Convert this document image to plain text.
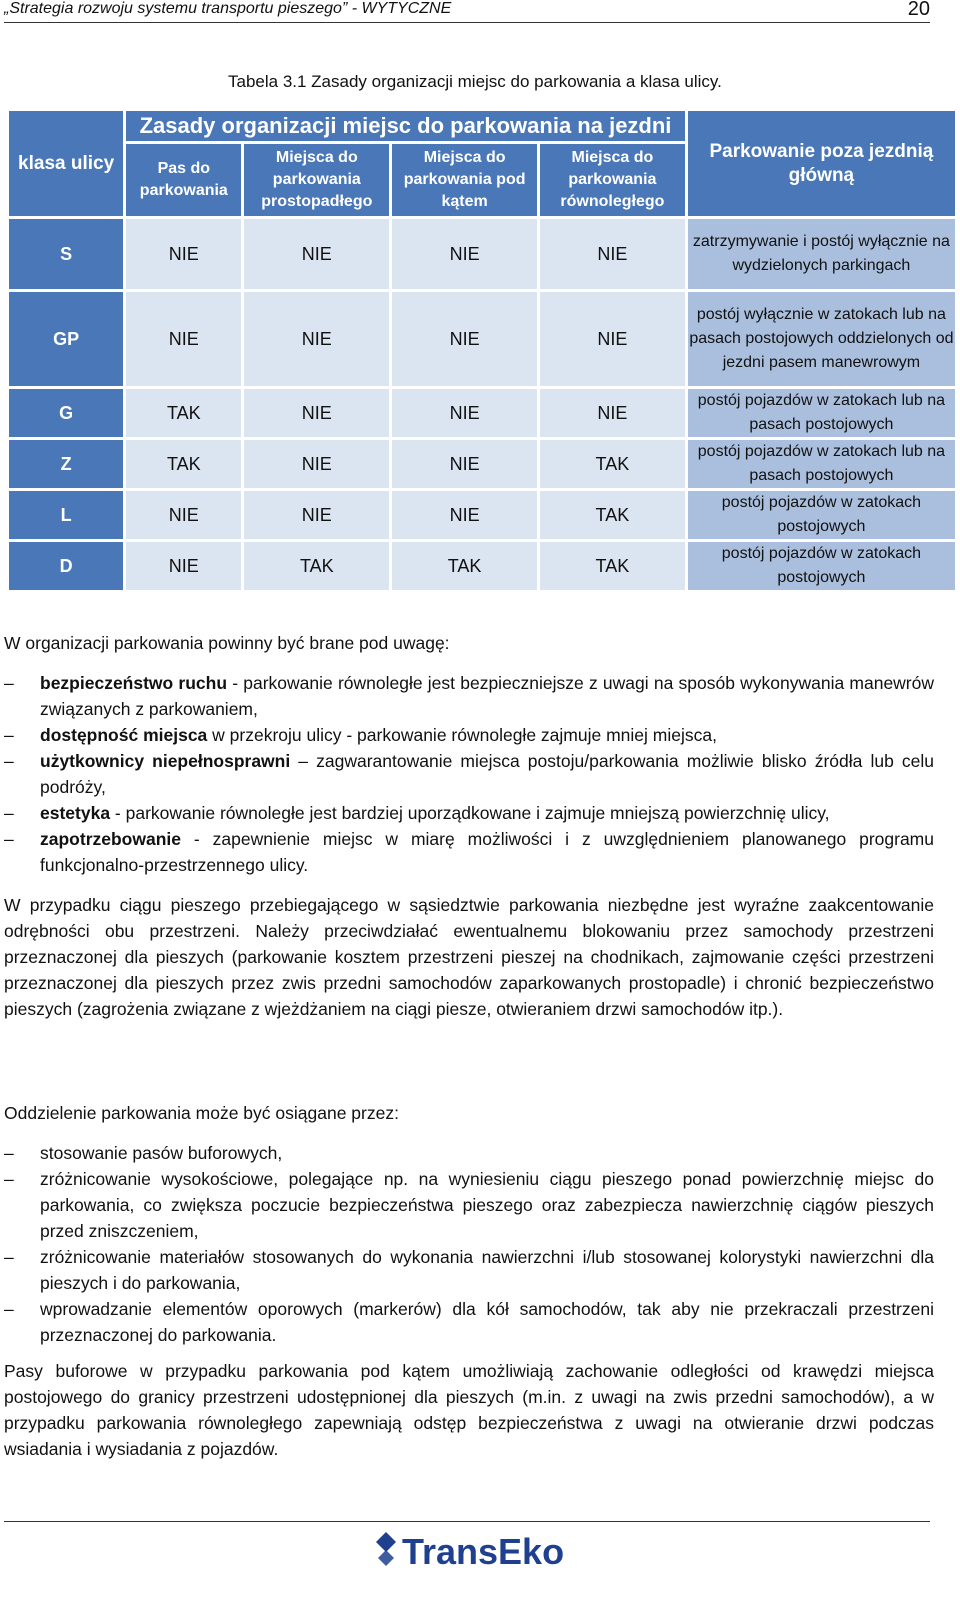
„Strategia rozwoju systemu transportu pieszego” - WYTYCZNE	20
Tabela 3.1 Zasady organizacji miejsc do parkowania a klasa ulicy.
klasa ulicy	Zasady organizacji miejsc do parkowania na jezdni				Parkowanie poza jezdnią główną
	Pas do parkowania	Miejsca do parkowania prostopadłego	Miejsca do parkowania pod kątem	Miejsca do parkowania równoległego	
S	NIE	NIE	NIE	NIE	zatrzymywanie i postój wyłącznie na wydzielonych parkingach
GP	NIE	NIE	NIE	NIE	postój wyłącznie w zatokach lub na pasach postojowych oddzielonych od jezdni pasem manewrowym
G	TAK	NIE	NIE	NIE	postój pojazdów w zatokach lub na pasach postojowych
Z	TAK	NIE	NIE	TAK	postój pojazdów w zatokach lub na pasach postojowych
L	NIE	NIE	NIE	TAK	postój pojazdów w zatokach postojowych
D	NIE	TAK	TAK	TAK	postój pojazdów w zatokach postojowych

W organizacji parkowania powinny być brane pod uwagę:

– bezpieczeństwo ruchu - parkowanie równoległe jest bezpieczniejsze z uwagi na sposób wykonywania manewrów związanych z parkowaniem,
– dostępność miejsca w przekroju ulicy - parkowanie równoległe zajmuje mniej miejsca,
– użytkownicy niepełnosprawni – zagwarantowanie miejsca postoju/parkowania możliwie blisko źródła lub celu podróży,
– estetyka - parkowanie równoległe jest bardziej uporządkowane i zajmuje mniejszą powierzchnię ulicy,
– zapotrzebowanie - zapewnienie miejsc w miarę możliwości i z uwzględnieniem planowanego programu funkcjonalno-przestrzennego ulicy.

W przypadku ciągu pieszego przebiegającego w sąsiedztwie parkowania niezbędne jest wyraźne zaakcentowanie odrębności obu przestrzeni. Należy przeciwdziałać ewentualnemu blokowaniu przez samochody przestrzeni przeznaczonej dla pieszych (parkowanie kosztem przestrzeni pieszej na chodnikach, zajmowanie części przestrzeni przeznaczonej dla pieszych przez zwis przedni samochodów zaparkowanych prostopadle) i chronić bezpieczeństwo pieszych (zagrożenia związane z wjeżdżaniem na ciągi piesze, otwieraniem drzwi samochodów itp.).

Oddzielenie parkowania może być osiągane przez:

– stosowanie pasów buforowych,
– zróżnicowanie wysokościowe, polegające np. na wyniesieniu ciągu pieszego ponad powierzchnię miejsc do parkowania, co zwiększa poczucie bezpieczeństwa pieszego oraz zabezpiecza nawierzchnię ciągów pieszych przed zniszczeniem,
– zróżnicowanie materiałów stosowanych do wykonania nawierzchni i/lub stosowanej kolorystyki nawierzchni dla pieszych i do parkowania,
– wprowadzanie elementów oporowych (markerów) dla kół samochodów, tak aby nie przekraczali przestrzeni przeznaczonej do parkowania.

Pasy buforowe w przypadku parkowania pod kątem umożliwiają zachowanie odległości od krawędzi miejsca postojowego do granicy przestrzeni udostępnionej dla pieszych (m.in. z uwagi na zwis przedni samochodów), a w przypadku parkowania równoległego zapewniają odstęp bezpieczeństwa z uwagi na otwieranie drzwi podczas wsiadania i wysiadania z pojazdów.

TransEko
